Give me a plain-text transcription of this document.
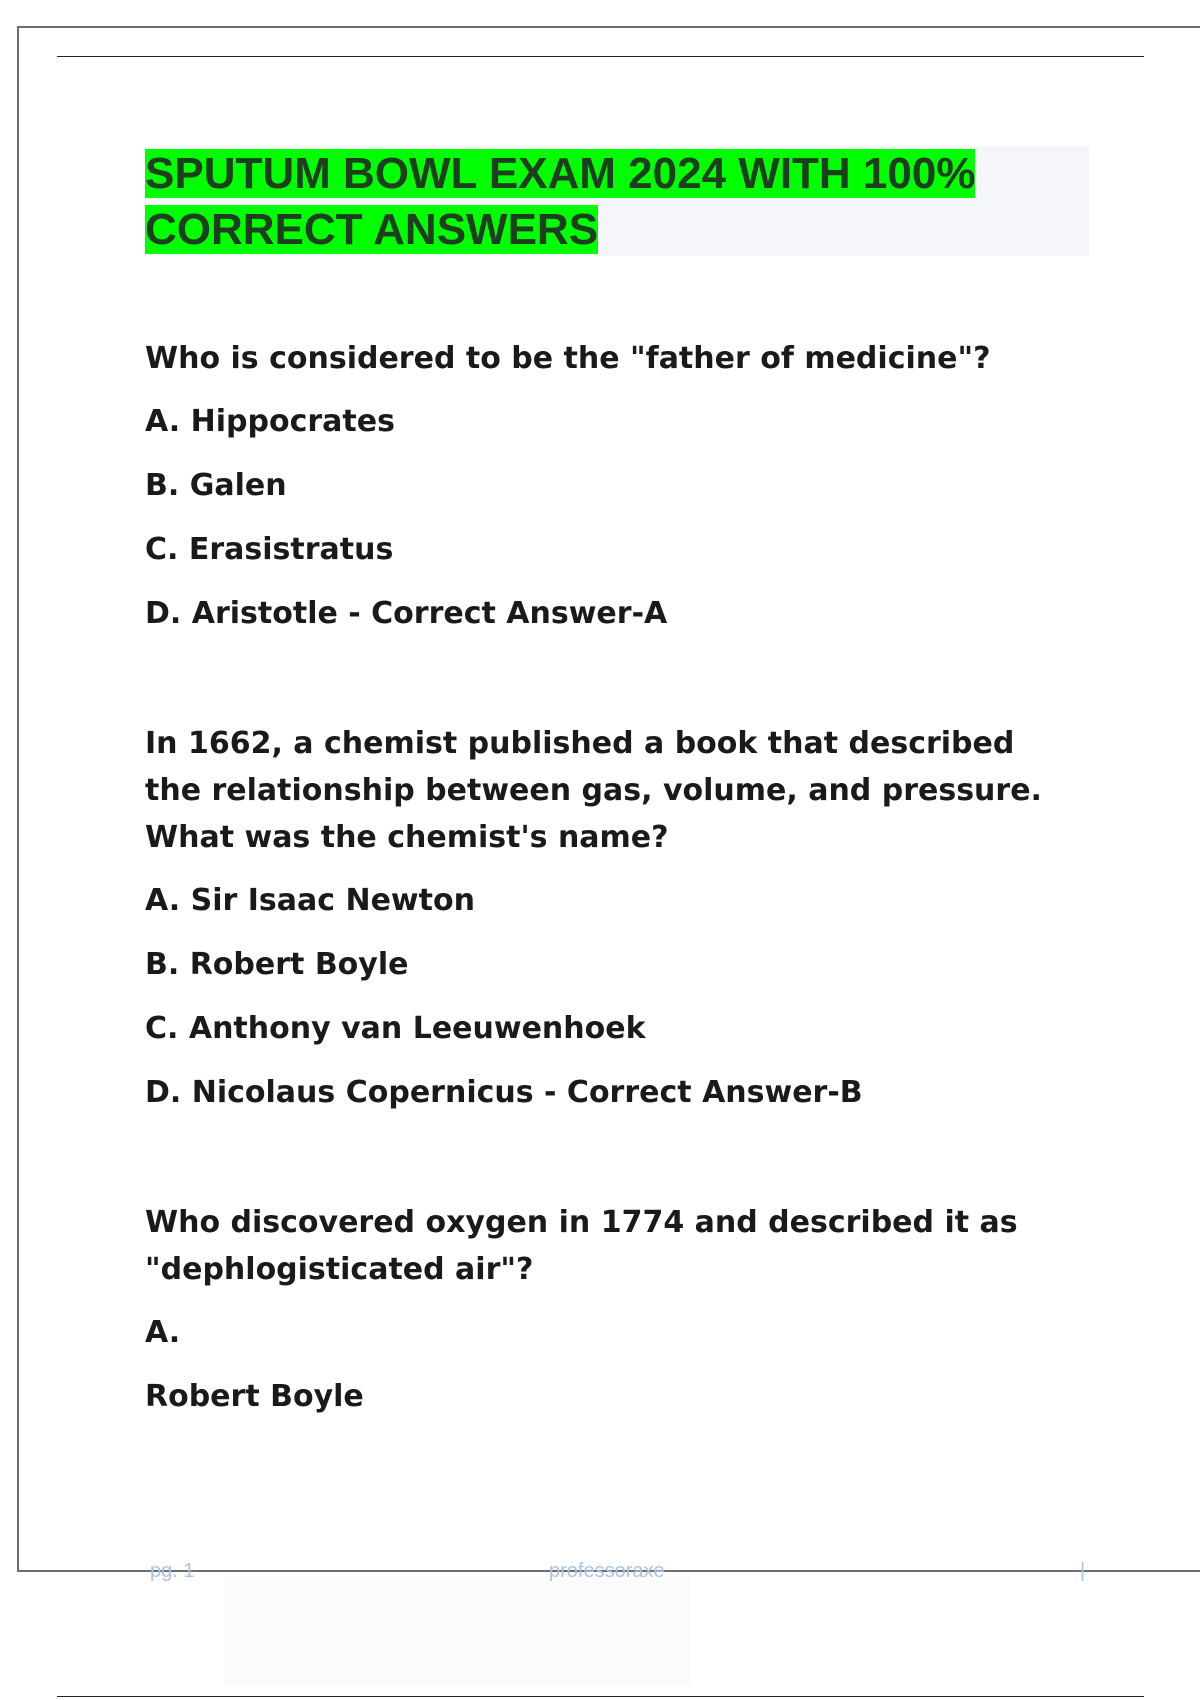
SPUTUM BOWL EXAM 2024 WITH 100% CORRECT ANSWERS

Who is considered to be the "father of medicine"?

A. Hippocrates

B. Galen

C. Erasistratus

D. Aristotle - Correct Answer-A

In 1662, a chemist published a book that described the relationship between gas, volume, and pressure. What was the chemist's name?

A. Sir Isaac Newton

B. Robert Boyle

C. Anthony van Leeuwenhoek

D. Nicolaus Copernicus - Correct Answer-B

Who discovered oxygen in 1774 and described it as "dephlogisticated air"?

A.

Robert Boyle

pg. 1	professoraxe	|
